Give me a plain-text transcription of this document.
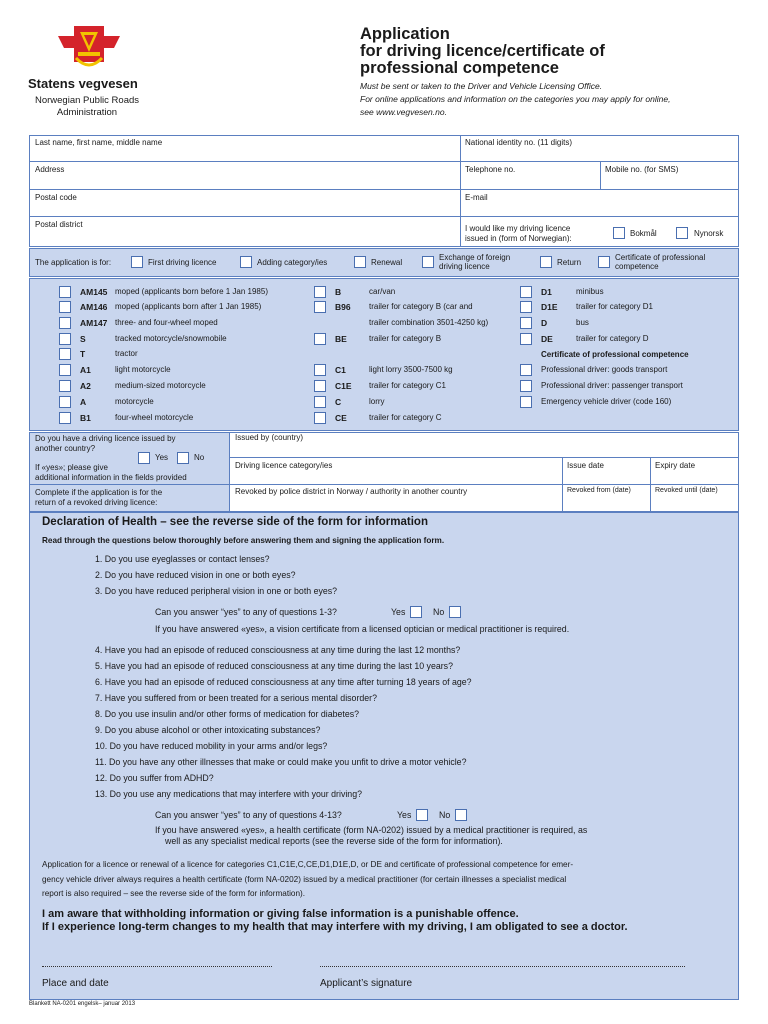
Statens vegvesen
Norwegian Public Roads Administration
Application
for driving licence/certificate of
professional competence
Must be sent or taken to the Driver and Vehicle Licensing Office.
For online applications and information on the categories you may apply for online,
see www.vegvesen.no.
Last name, first name, middle name	National identity no. (11 digits)
Address	Telephone no.	Mobile no. (for SMS)
Postal code	E-mail
Postal district	I would like my driving licence
issued in (form of Norwegian):
Bokmål	Nynorsk
The application is for:	First driving licence	Adding category/ies	Renewal
Exchange of foreign
driving licence	Return
Certificate of professional
competence
AM145 moped (applicants born before 1 Jan 1985)
AM146 moped (applicants born after 1 Jan 1985)
AM147 three- and four-wheel moped
S	tracked motorcycle/snowmobile
T	tractor
A1	light motorcycle
A2	medium-sized motorcycle
A	motorcycle
B1	four-wheel motorcycle
B	car/van
B96 trailer for category B (car and
trailer combination 3501-4250 kg)
BE	trailer for category B
C1	light lorry 3500-7500 kg
C1E trailer for category C1
C	lorry
CE	trailer for category C
D1	minibus
D1E trailer for category D1
D	bus
DE	trailer for category D
Certificate of professional competence
Professional driver: goods transport
Professional driver: passenger transport
Emergency vehicle driver (code 160)
Do you have a driving licence issued by
another country?
Yes	No
If «yes»; please give
additional information in the fields provided
Issued by (country)
Driving licence category/ies	Issue date	Expiry date
Complete if the application is for the
return of a revoked driving licence:
Revoked by police district in Norway / authority in another country	Revoked from (date)	Revoked until (date)
Declaration of Health – see the reverse side of the form for information
Read through the questions below thoroughly before answering them and signing the application form.
1. Do you use eyeglasses or contact lenses?
2. Do you have reduced vision in one or both eyes?
3. Do you have reduced peripheral vision in one or both eyes?
Can you answer “yes” to any of questions 1-3?	Yes	No
If you have answered «yes», a vision certificate from a licensed optician or medical practitioner is required.
4. Have you had an episode of reduced consciousness at any time during the last 12 months?
5. Have you had an episode of reduced consciousness at any time during the last 10 years?
6. Have you had an episode of reduced consciousness at any time after turning 18 years of age?
7. Have you suffered from or been treated for a serious mental disorder?
8. Do you use insulin and/or other forms of medication for diabetes?
9. Do you abuse alcohol or other intoxicating substances?
10. Do you have reduced mobility in your arms and/or legs?
11. Do you have any other illnesses that make or could make you unfit to drive a motor vehicle?
12. Do you suffer from ADHD?
13. Do you use any medications that may interfere with your driving?
Can you answer “yes” to any of questions 4-13?	Yes	No
If you have answered «yes», a health certificate (form NA-0202) issued by a medical practitioner is required, as
well as any specialist medical reports (see the reverse side of the form for information).
Application for a licence or renewal of a licence for categories C1,C1E,C,CE,D1,D1E,D, or DE and certificate of professional competence for emer-
gency vehicle driver always requires a health certificate (form NA-0202) issued by a medical practitioner (for certain illnesses a specialist medical
report is also required – see the reverse side of the form for information).
I am aware that withholding information or giving false information is a punishable offence.
If I experience long-term changes to my health that may interfere with my driving, I am obligated to see a doctor.
Place and date	Applicant’s signature
Blankett NA-0201 engelsk– januar 2013
